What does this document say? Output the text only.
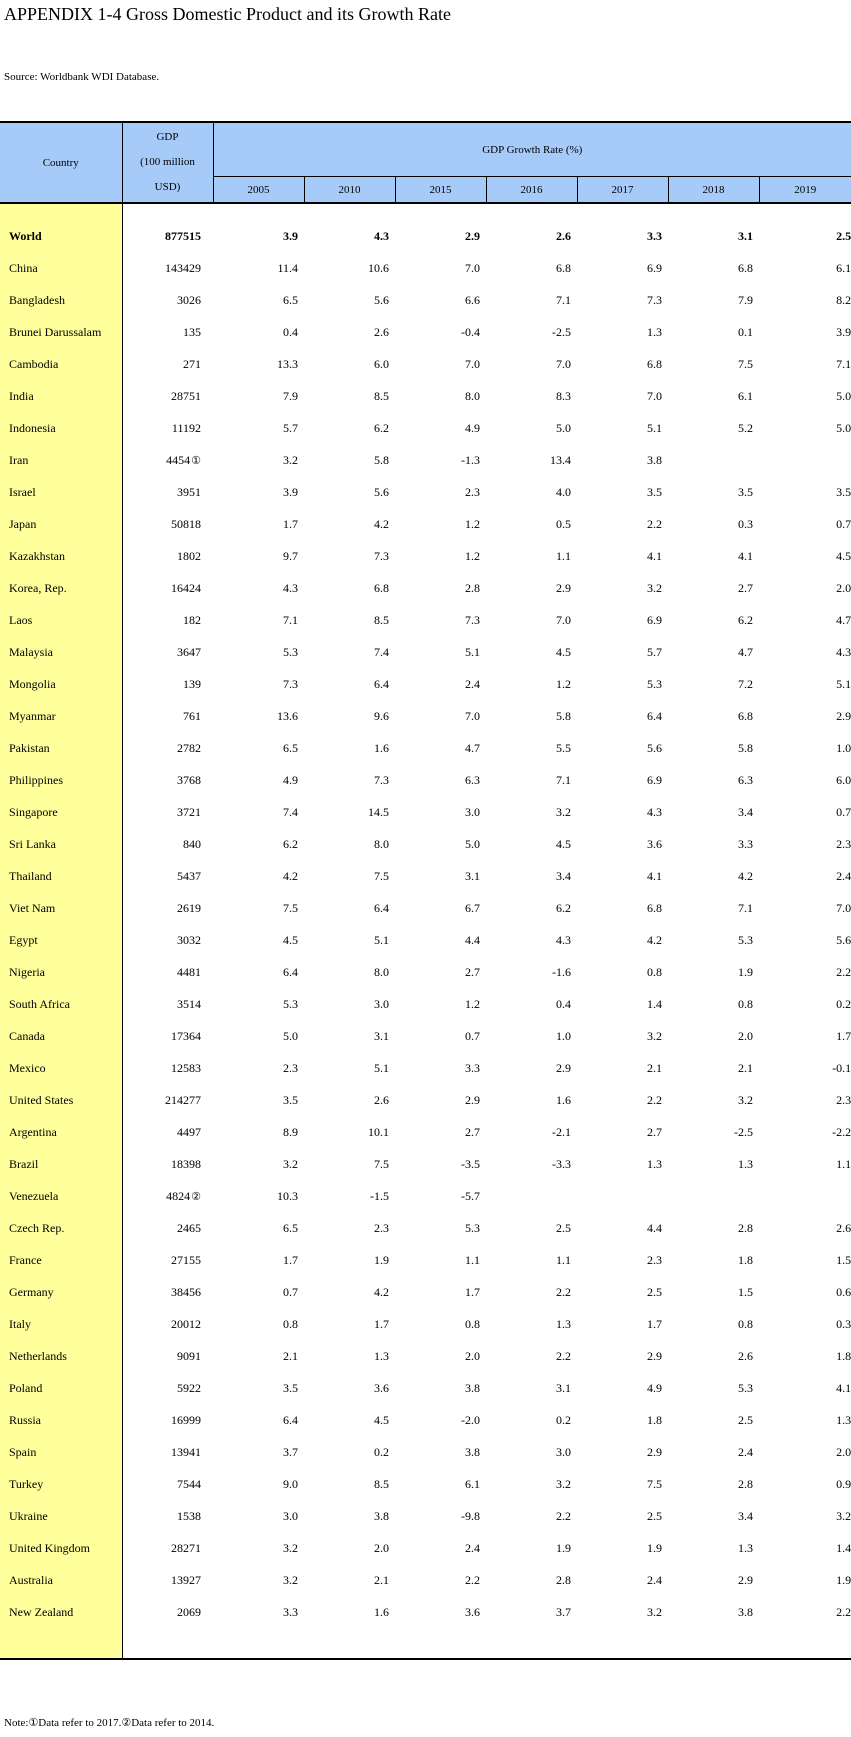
APPENDIX 1-4 Gross Domestic Product and its Growth Rate
Source: Worldbank WDI Database.
Country	GDP
(100 million
USD)	GDP Growth Rate (%)						
		2005	2010	2015	2016	2017	2018	2019

World	877515	3.9	4.3	2.9	2.6	3.3	3.1	2.5
China	143429	11.4	10.6	7.0	6.8	6.9	6.8	6.1
Bangladesh	3026	6.5	5.6	6.6	7.1	7.3	7.9	8.2
Brunei Darussalam	135	0.4	2.6	-0.4	-2.5	1.3	0.1	3.9
Cambodia	271	13.3	6.0	7.0	7.0	6.8	7.5	7.1
India	28751	7.9	8.5	8.0	8.3	7.0	6.1	5.0
Indonesia	11192	5.7	6.2	4.9	5.0	5.1	5.2	5.0
Iran	4454①	3.2	5.8	-1.3	13.4	3.8		
Israel	3951	3.9	5.6	2.3	4.0	3.5	3.5	3.5
Japan	50818	1.7	4.2	1.2	0.5	2.2	0.3	0.7
Kazakhstan	1802	9.7	7.3	1.2	1.1	4.1	4.1	4.5
Korea, Rep.	16424	4.3	6.8	2.8	2.9	3.2	2.7	2.0
Laos	182	7.1	8.5	7.3	7.0	6.9	6.2	4.7
Malaysia	3647	5.3	7.4	5.1	4.5	5.7	4.7	4.3
Mongolia	139	7.3	6.4	2.4	1.2	5.3	7.2	5.1
Myanmar	761	13.6	9.6	7.0	5.8	6.4	6.8	2.9
Pakistan	2782	6.5	1.6	4.7	5.5	5.6	5.8	1.0
Philippines	3768	4.9	7.3	6.3	7.1	6.9	6.3	6.0
Singapore	3721	7.4	14.5	3.0	3.2	4.3	3.4	0.7
Sri Lanka	840	6.2	8.0	5.0	4.5	3.6	3.3	2.3
Thailand	5437	4.2	7.5	3.1	3.4	4.1	4.2	2.4
Viet Nam	2619	7.5	6.4	6.7	6.2	6.8	7.1	7.0
Egypt	3032	4.5	5.1	4.4	4.3	4.2	5.3	5.6
Nigeria	4481	6.4	8.0	2.7	-1.6	0.8	1.9	2.2
South Africa	3514	5.3	3.0	1.2	0.4	1.4	0.8	0.2
Canada	17364	5.0	3.1	0.7	1.0	3.2	2.0	1.7
Mexico	12583	2.3	5.1	3.3	2.9	2.1	2.1	-0.1
United States	214277	3.5	2.6	2.9	1.6	2.2	3.2	2.3
Argentina	4497	8.9	10.1	2.7	-2.1	2.7	-2.5	-2.2
Brazil	18398	3.2	7.5	-3.5	-3.3	1.3	1.3	1.1
Venezuela	4824②	10.3	-1.5	-5.7				
Czech Rep.	2465	6.5	2.3	5.3	2.5	4.4	2.8	2.6
France	27155	1.7	1.9	1.1	1.1	2.3	1.8	1.5
Germany	38456	0.7	4.2	1.7	2.2	2.5	1.5	0.6
Italy	20012	0.8	1.7	0.8	1.3	1.7	0.8	0.3
Netherlands	9091	2.1	1.3	2.0	2.2	2.9	2.6	1.8
Poland	5922	3.5	3.6	3.8	3.1	4.9	5.3	4.1
Russia	16999	6.4	4.5	-2.0	0.2	1.8	2.5	1.3
Spain	13941	3.7	0.2	3.8	3.0	2.9	2.4	2.0
Turkey	7544	9.0	8.5	6.1	3.2	7.5	2.8	0.9
Ukraine	1538	3.0	3.8	-9.8	2.2	2.5	3.4	3.2
United Kingdom	28271	3.2	2.0	2.4	1.9	1.9	1.3	1.4
Australia	13927	3.2	2.1	2.2	2.8	2.4	2.9	1.9
New Zealand	2069	3.3	1.6	3.6	3.7	3.2	3.8	2.2

Note:①Data refer to 2017.②Data refer to 2014.
